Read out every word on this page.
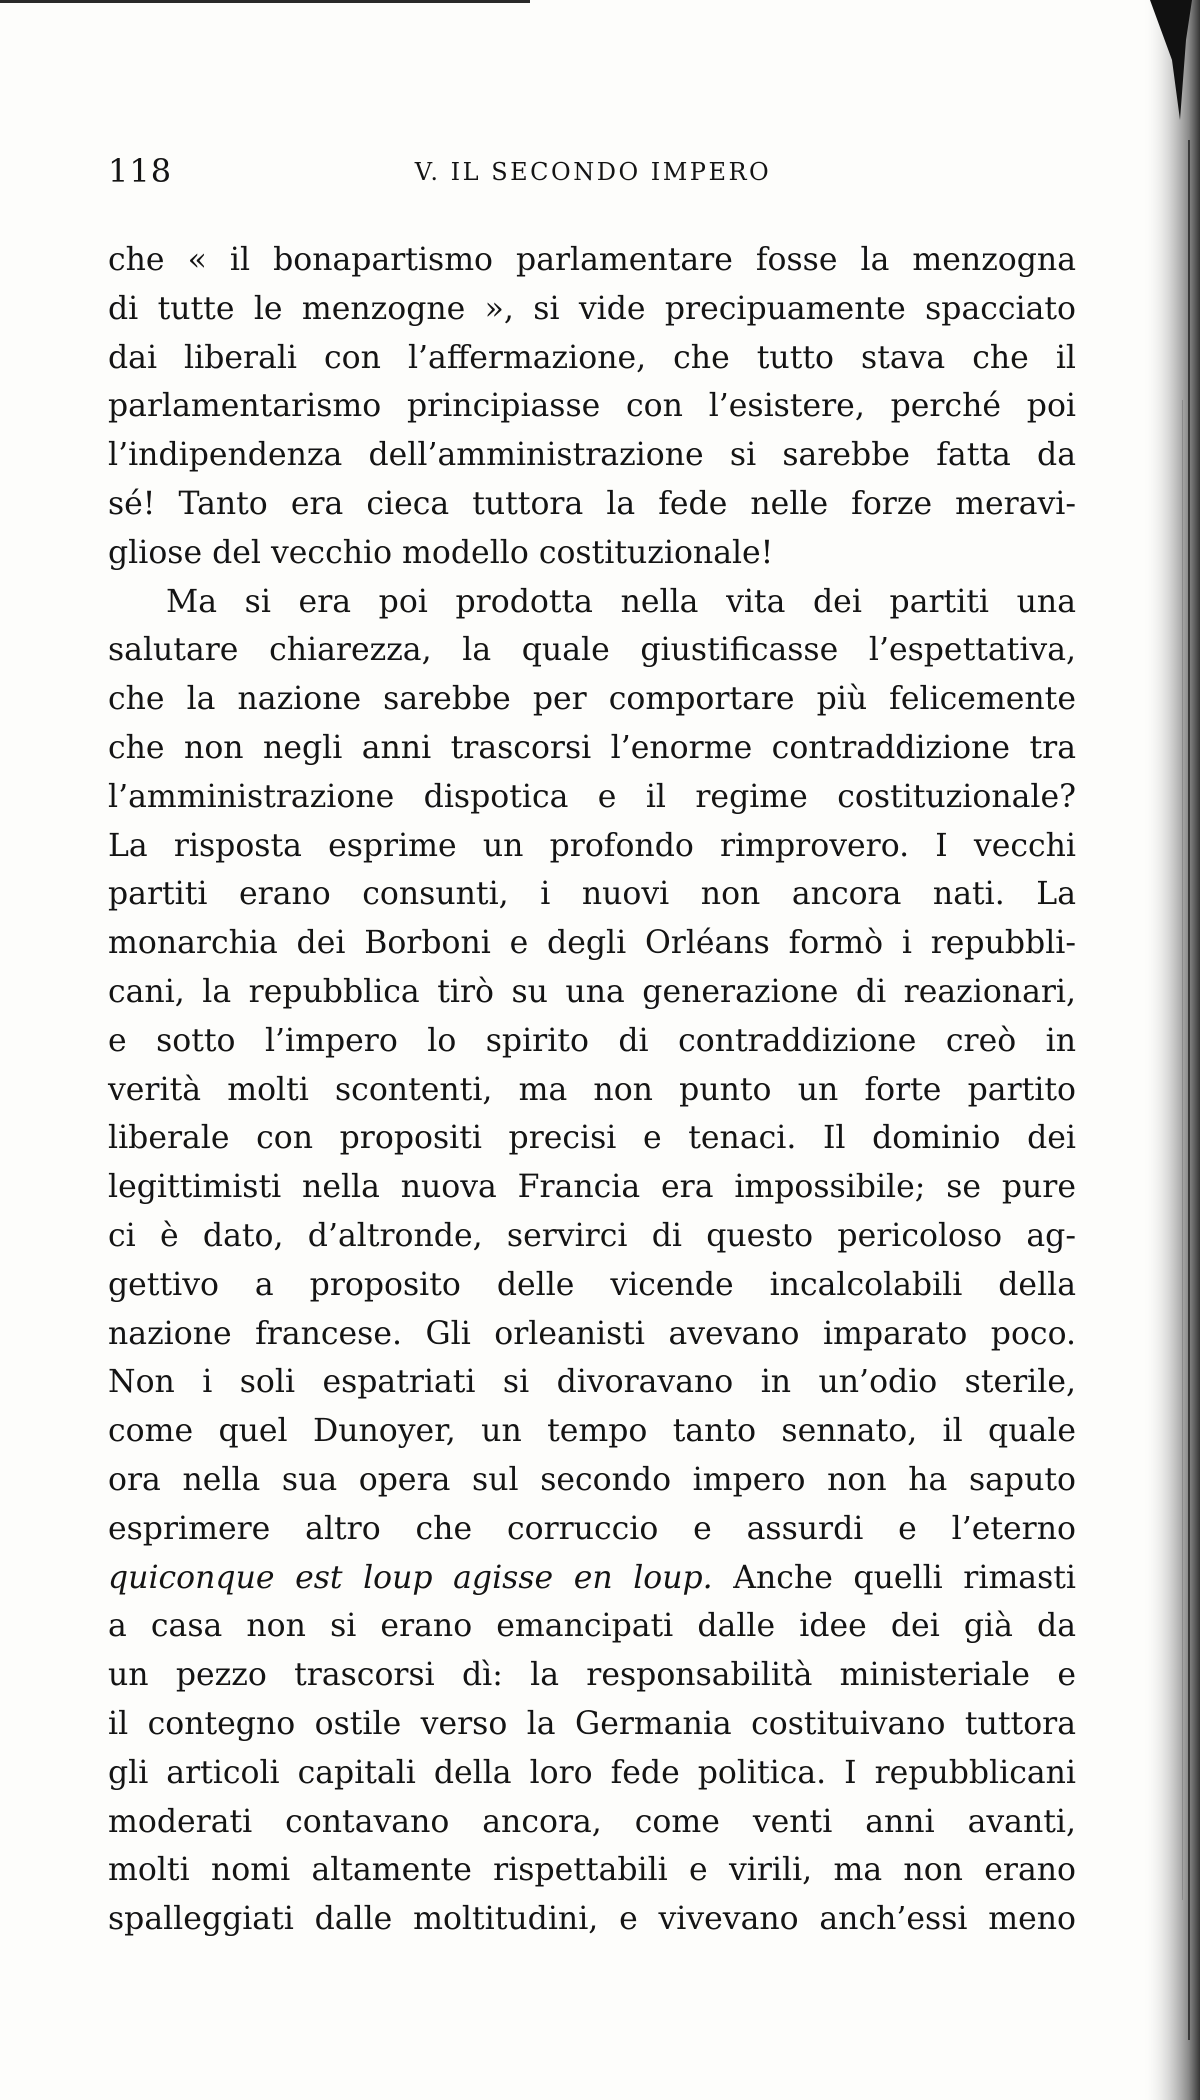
118	V. IL SECONDO IMPERO
che « il bonapartismo parlamentare fosse la menzogna
di tutte le menzogne », si vide precipuamente spacciato
dai liberali con l’affermazione, che tutto stava che il
parlamentarismo principiasse con l’esistere, perché poi
l’indipendenza dell’amministrazione si sarebbe fatta da
sé! Tanto era cieca tuttora la fede nelle forze meravi-
gliose del vecchio modello costituzionale!
Ma si era poi prodotta nella vita dei partiti una
salutare chiarezza, la quale giustificasse l’espettativa,
che la nazione sarebbe per comportare più felicemente
che non negli anni trascorsi l’enorme contraddizione tra
l’amministrazione dispotica e il regime costituzionale?
La risposta esprime un profondo rimprovero. I vecchi
partiti erano consunti, i nuovi non ancora nati. La
monarchia dei Borboni e degli Orléans formò i repubbli-
cani, la repubblica tirò su una generazione di reazionari,
e sotto l’impero lo spirito di contraddizione creò in
verità molti scontenti, ma non punto un forte partito
liberale con propositi precisi e tenaci. Il dominio dei
legittimisti nella nuova Francia era impossibile; se pure
ci è dato, d’altronde, servirci di questo pericoloso ag-
gettivo a proposito delle vicende incalcolabili della
nazione francese. Gli orleanisti avevano imparato poco.
Non i soli espatriati si divoravano in un’odio sterile,
come quel Dunoyer, un tempo tanto sennato, il quale
ora nella sua opera sul secondo impero non ha saputo
esprimere altro che corruccio e assurdi e l’eterno
quiconque est loup agisse en loup. Anche quelli rimasti
a casa non si erano emancipati dalle idee dei già da
un pezzo trascorsi dì: la responsabilità ministeriale e
il contegno ostile verso la Germania costituivano tuttora
gli articoli capitali della loro fede politica. I repubblicani
moderati contavano ancora, come venti anni avanti,
molti nomi altamente rispettabili e virili, ma non erano
spalleggiati dalle moltitudini, e vivevano anch’essi meno
